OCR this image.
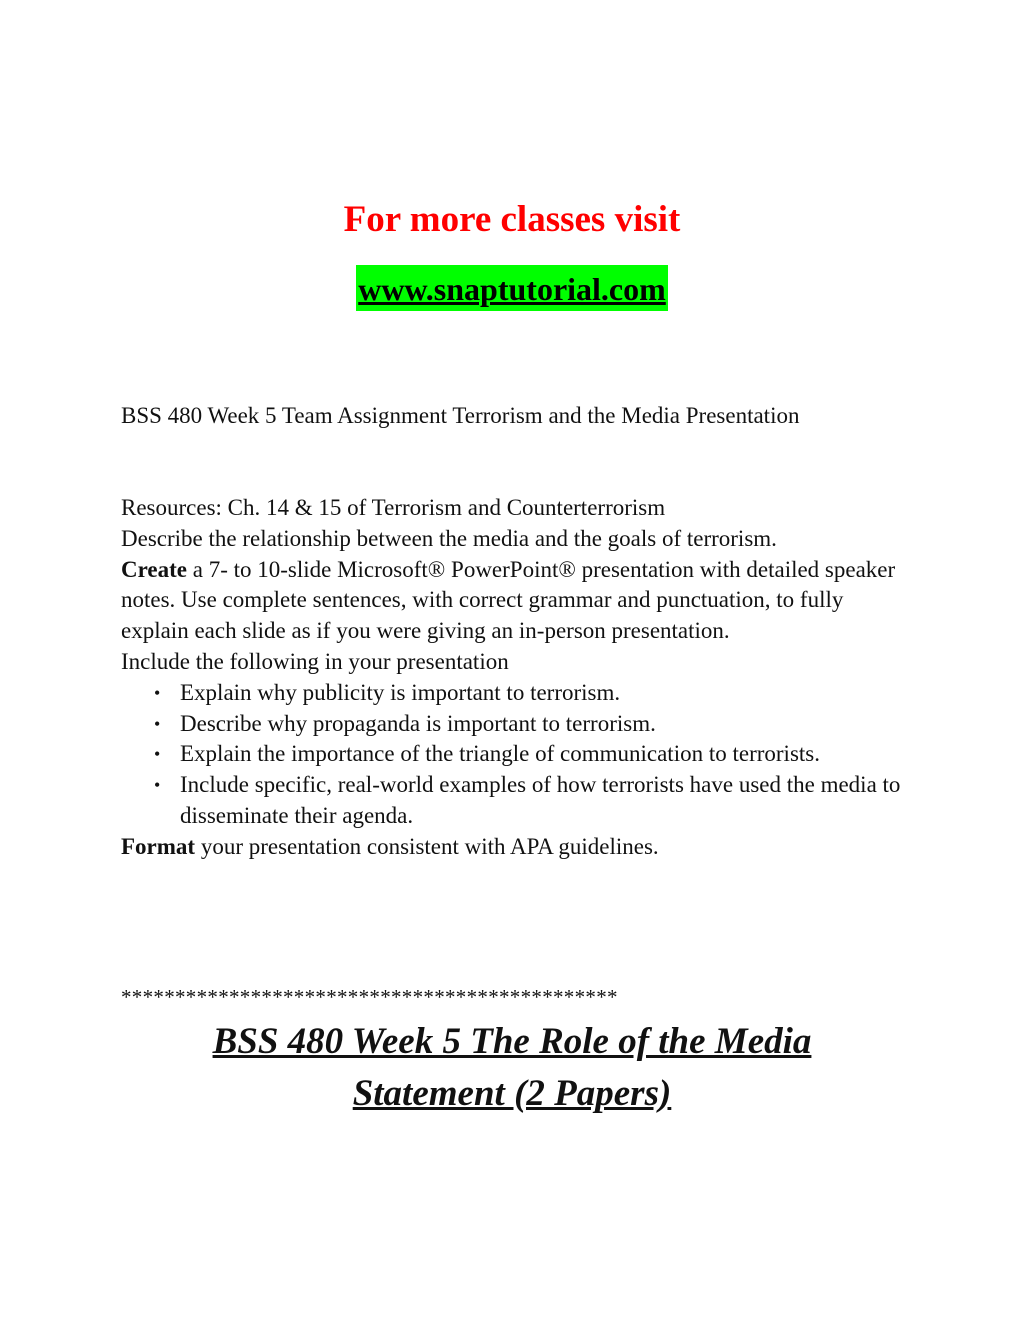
For more classes visit
www.snaptutorial.com
BSS 480 Week 5 Team Assignment Terrorism and the Media Presentation

Resources: Ch. 14 & 15 of Terrorism and Counterterrorism

Describe the relationship between the media and the goals of terrorism.

Create a 7- to 10-slide Microsoft® PowerPoint® presentation with detailed speaker notes. Use complete sentences, with correct grammar and punctuation, to fully explain each slide as if you were giving an in-person presentation.

Include the following in your presentation

• Explain why publicity is important to terrorism.
• Describe why propaganda is important to terrorism.
• Explain the importance of the triangle of communication to terrorists.
• Include specific, real-world examples of how terrorists have used the media to disseminate their agenda.

Format your presentation consistent with APA guidelines.

**********************************************
BSS 480 Week 5 The Role of the Media
Statement (2 Papers)
